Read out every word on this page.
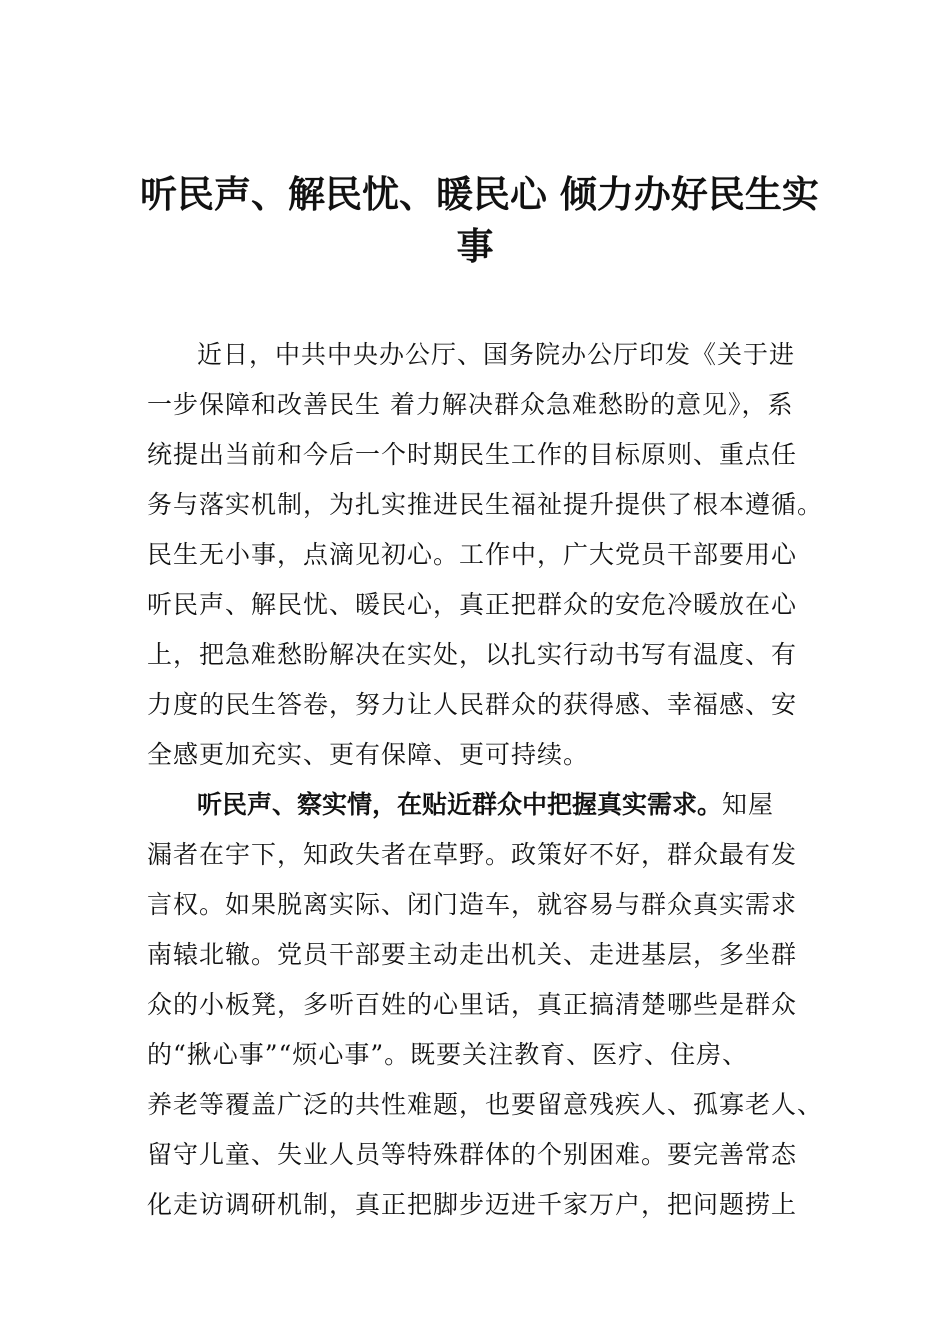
听民声、解民忧、暖民心 倾力办好民生实
事
近日，中共中央办公厅、国务院办公厅印发《关于进
一步保障和改善民生 着力解决群众急难愁盼的意见》，系
统提出当前和今后一个时期民生工作的目标原则、重点任
务与落实机制，为扎实推进民生福祉提升提供了根本遵循。
民生无小事，点滴见初心。工作中，广大党员干部要用心
听民声、解民忧、暖民心，真正把群众的安危冷暖放在心
上，把急难愁盼解决在实处，以扎实行动书写有温度、有
力度的民生答卷，努力让人民群众的获得感、幸福感、安
全感更加充实、更有保障、更可持续。
听民声、察实情，在贴近群众中把握真实需求。知屋
漏者在宇下，知政失者在草野。政策好不好，群众最有发
言权。如果脱离实际、闭门造车，就容易与群众真实需求
南辕北辙。党员干部要主动走出机关、走进基层，多坐群
众的小板凳，多听百姓的心里话，真正搞清楚哪些是群众
的“揪心事”“烦心事”。既要关注教育、医疗、住房、
养老等覆盖广泛的共性难题，也要留意残疾人、孤寡老人、
留守儿童、失业人员等特殊群体的个别困难。要完善常态
化走访调研机制，真正把脚步迈进千家万户，把问题捞上
